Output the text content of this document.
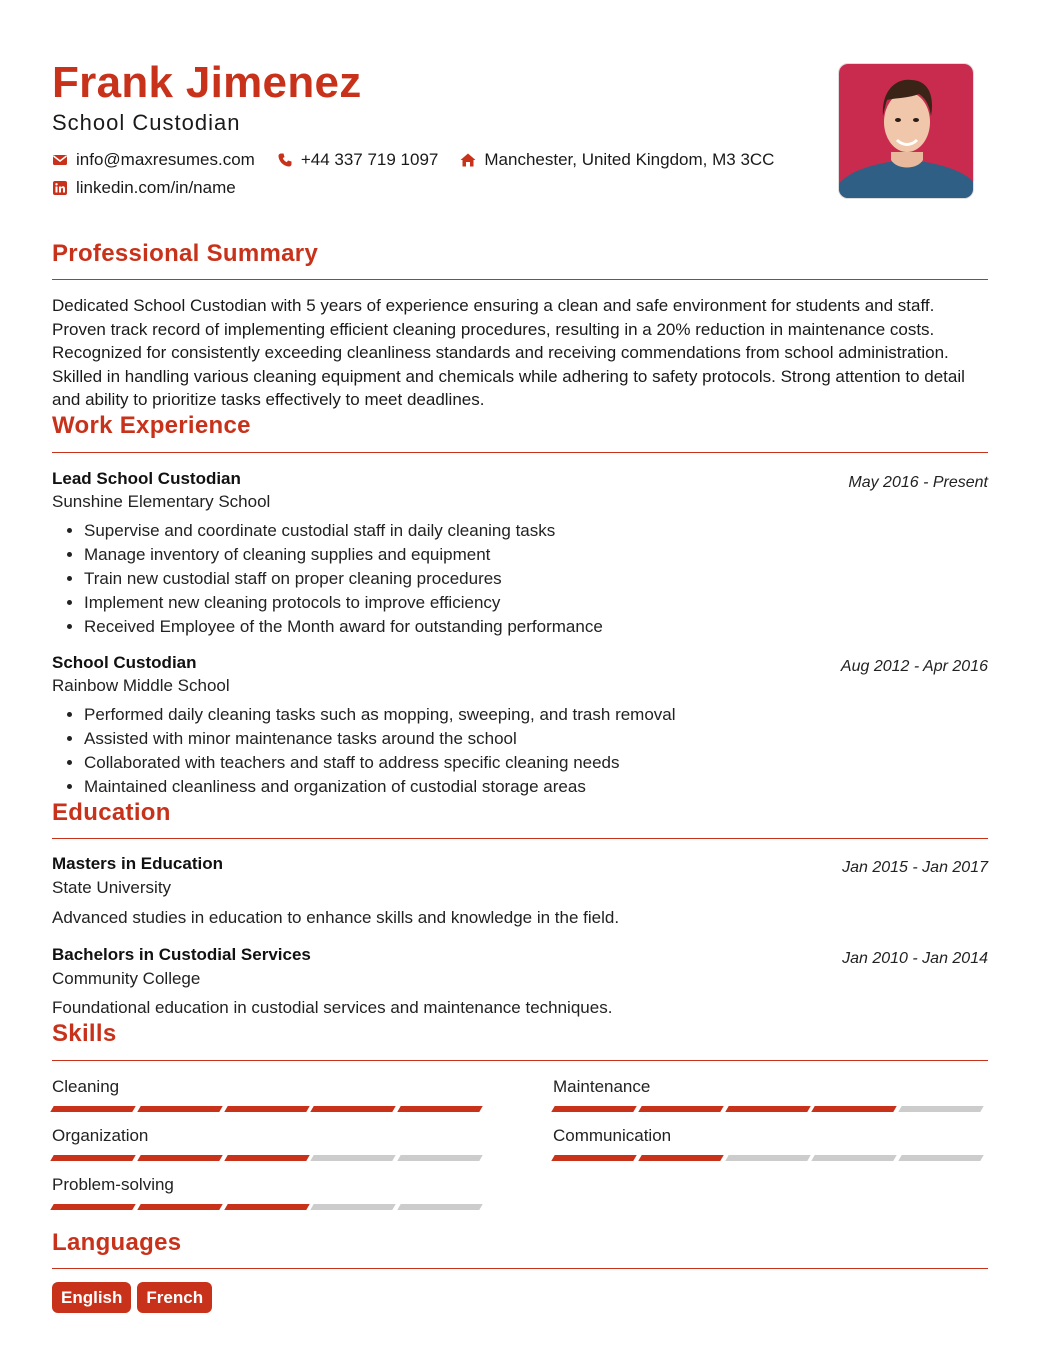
Frank Jimenez
School Custodian
info@maxresumes.com	+44 337 719 1097	Manchester, United Kingdom, M3 3CC
linkedin.com/in/name
Professional Summary
Dedicated School Custodian with 5 years of experience ensuring a clean and safe environment for students and staff. Proven track record of implementing efficient cleaning procedures, resulting in a 20% reduction in maintenance costs. Recognized for consistently exceeding cleanliness standards and receiving commendations from school administration. Skilled in handling various cleaning equipment and chemicals while adhering to safety protocols. Strong attention to detail and ability to prioritize tasks effectively to meet deadlines.
Work Experience
Lead School Custodian	May 2016 - Present
Sunshine Elementary School
• Supervise and coordinate custodial staff in daily cleaning tasks
• Manage inventory of cleaning supplies and equipment
• Train new custodial staff on proper cleaning procedures
• Implement new cleaning protocols to improve efficiency
• Received Employee of the Month award for outstanding performance
School Custodian	Aug 2012 - Apr 2016
Rainbow Middle School
• Performed daily cleaning tasks such as mopping, sweeping, and trash removal
• Assisted with minor maintenance tasks around the school
• Collaborated with teachers and staff to address specific cleaning needs
• Maintained cleanliness and organization of custodial storage areas
Education
Masters in Education	Jan 2015 - Jan 2017
State University
Advanced studies in education to enhance skills and knowledge in the field.
Bachelors in Custodial Services	Jan 2010 - Jan 2014
Community College
Foundational education in custodial services and maintenance techniques.
Skills
Cleaning	Maintenance
Organization	Communication
Problem-solving
Languages
English	French
